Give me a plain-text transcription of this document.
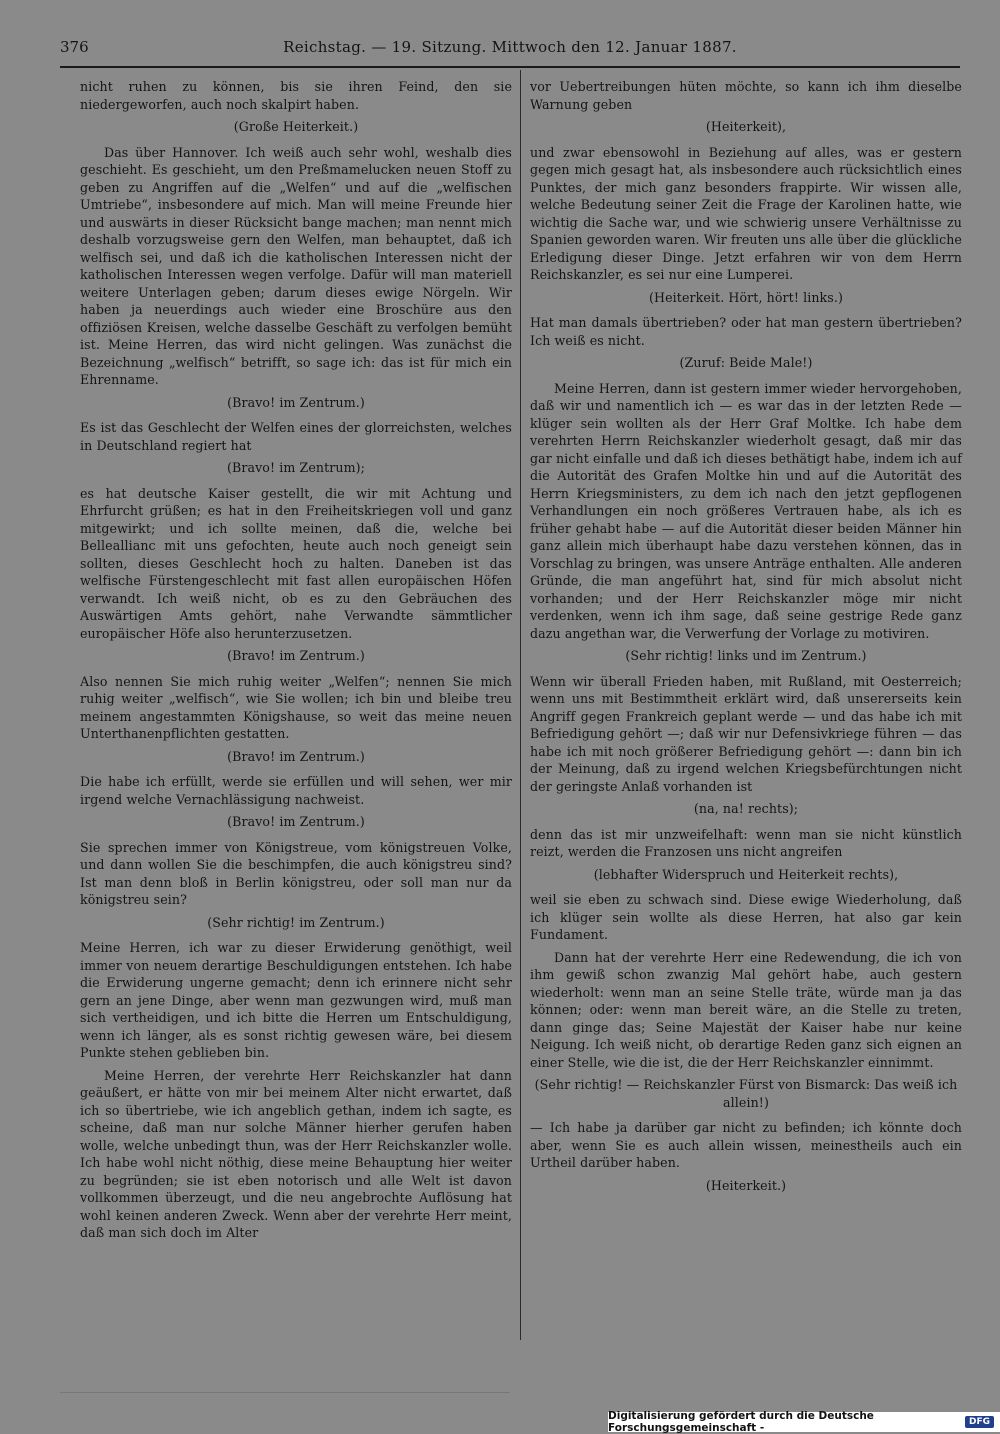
376	Reichstag. — 19. Sitzung. Mittwoch den 12. Januar 1887.

nicht ruhen zu können, bis sie ihren Feind, den sie niedergeworfen, auch noch skalpirt haben.

(Große Heiterkeit.)

Das über Hannover. Ich weiß auch sehr wohl, weshalb dies geschieht. Es geschieht, um den Preßmamelucken neuen Stoff zu geben zu Angriffen auf die „Welfen“ und auf die „welfischen Umtriebe“, insbesondere auf mich. Man will meine Freunde hier und auswärts in dieser Rücksicht bange machen; man nennt mich deshalb vorzugsweise gern den Welfen, man behauptet, daß ich welfisch sei, und daß ich die katholischen Interessen nicht der katholischen Interessen wegen verfolge. Dafür will man materiell weitere Unterlagen geben; darum dieses ewige Nörgeln. Wir haben ja neuerdings auch wieder eine Broschüre aus den offiziösen Kreisen, welche dasselbe Geschäft zu verfolgen bemüht ist. Meine Herren, das wird nicht gelingen. Was zunächst die Bezeichnung „welfisch“ betrifft, so sage ich: das ist für mich ein Ehrenname.

(Bravo! im Zentrum.)

Es ist das Geschlecht der Welfen eines der glorreichsten, welches in Deutschland regiert hat

(Bravo! im Zentrum);

es hat deutsche Kaiser gestellt, die wir mit Achtung und Ehrfurcht grüßen; es hat in den Freiheitskriegen voll und ganz mitgewirkt; und ich sollte meinen, daß die, welche bei Belleallianc mit uns gefochten, heute auch noch geneigt sein sollten, dieses Geschlecht hoch zu halten. Daneben ist das welfische Fürstengeschlecht mit fast allen europäischen Höfen verwandt. Ich weiß nicht, ob es zu den Gebräuchen des Auswärtigen Amts gehört, nahe Verwandte sämmtlicher europäischer Höfe also herunterzusetzen.

(Bravo! im Zentrum.)

Also nennen Sie mich ruhig weiter „Welfen“; nennen Sie mich ruhig weiter „welfisch“, wie Sie wollen; ich bin und bleibe treu meinem angestammten Königshause, so weit das meine neuen Unterthanenpflichten gestatten.

(Bravo! im Zentrum.)

Die habe ich erfüllt, werde sie erfüllen und will sehen, wer mir irgend welche Vernachlässigung nachweist.

(Bravo! im Zentrum.)

Sie sprechen immer von Königstreue, vom königstreuen Volke, und dann wollen Sie die beschimpfen, die auch königstreu sind? Ist man denn bloß in Berlin königstreu, oder soll man nur da königstreu sein?

(Sehr richtig! im Zentrum.)

Meine Herren, ich war zu dieser Erwiderung genöthigt, weil immer von neuem derartige Beschuldigungen entstehen. Ich habe die Erwiderung ungerne gemacht; denn ich erinnere nicht sehr gern an jene Dinge, aber wenn man gezwungen wird, muß man sich vertheidigen, und ich bitte die Herren um Entschuldigung, wenn ich länger, als es sonst richtig gewesen wäre, bei diesem Punkte stehen geblieben bin.

Meine Herren, der verehrte Herr Reichskanzler hat dann geäußert, er hätte von mir bei meinem Alter nicht erwartet, daß ich so übertriebe, wie ich angeblich gethan, indem ich sagte, es scheine, daß man nur solche Männer hierher gerufen haben wolle, welche unbedingt thun, was der Herr Reichskanzler wolle. Ich habe wohl nicht nöthig, diese meine Behauptung hier weiter zu begründen; sie ist eben notorisch und alle Welt ist davon vollkommen überzeugt, und die neu angebrochte Auflösung hat wohl keinen anderen Zweck. Wenn aber der verehrte Herr meint, daß man sich doch im Alter

vor Uebertreibungen hüten möchte, so kann ich ihm dieselbe Warnung geben

(Heiterkeit),

und zwar ebensowohl in Beziehung auf alles, was er gestern gegen mich gesagt hat, als insbesondere auch rücksichtlich eines Punktes, der mich ganz besonders frappirte. Wir wissen alle, welche Bedeutung seiner Zeit die Frage der Karolinen hatte, wie wichtig die Sache war, und wie schwierig unsere Verhältnisse zu Spanien geworden waren. Wir freuten uns alle über die glückliche Erledigung dieser Dinge. Jetzt erfahren wir von dem Herrn Reichskanzler, es sei nur eine Lumperei.

(Heiterkeit. Hört, hört! links.)

Hat man damals übertrieben? oder hat man gestern übertrieben? Ich weiß es nicht.

(Zuruf: Beide Male!)

Meine Herren, dann ist gestern immer wieder hervorgehoben, daß wir und namentlich ich — es war das in der letzten Rede — klüger sein wollten als der Herr Graf Moltke. Ich habe dem verehrten Herrn Reichskanzler wiederholt gesagt, daß mir das gar nicht einfalle und daß ich dieses bethätigt habe, indem ich auf die Autorität des Grafen Moltke hin und auf die Autorität des Herrn Kriegsministers, zu dem ich nach den jetzt gepflogenen Verhandlungen ein noch größeres Vertrauen habe, als ich es früher gehabt habe — auf die Autorität dieser beiden Männer hin ganz allein mich überhaupt habe dazu verstehen können, das in Vorschlag zu bringen, was unsere Anträge enthalten. Alle anderen Gründe, die man angeführt hat, sind für mich absolut nicht vorhanden; und der Herr Reichskanzler möge mir nicht verdenken, wenn ich ihm sage, daß seine gestrige Rede ganz dazu angethan war, die Verwerfung der Vorlage zu motiviren.

(Sehr richtig! links und im Zentrum.)

Wenn wir überall Frieden haben, mit Rußland, mit Oesterreich; wenn uns mit Bestimmtheit erklärt wird, daß unsererseits kein Angriff gegen Frankreich geplant werde — und das habe ich mit Befriedigung gehört —; daß wir nur Defensivkriege führen — das habe ich mit noch größerer Befriedigung gehört —: dann bin ich der Meinung, daß zu irgend welchen Kriegsbefürchtungen nicht der geringste Anlaß vorhanden ist

(na, na! rechts);

denn das ist mir unzweifelhaft: wenn man sie nicht künstlich reizt, werden die Franzosen uns nicht angreifen

(lebhafter Widerspruch und Heiterkeit rechts),

weil sie eben zu schwach sind. Diese ewige Wiederholung, daß ich klüger sein wollte als diese Herren, hat also gar kein Fundament.

Dann hat der verehrte Herr eine Redewendung, die ich von ihm gewiß schon zwanzig Mal gehört habe, auch gestern wiederholt: wenn man an seine Stelle träte, würde man ja das können; oder: wenn man bereit wäre, an die Stelle zu treten, dann ginge das; Seine Majestät der Kaiser habe nur keine Neigung. Ich weiß nicht, ob derartige Reden ganz sich eignen an einer Stelle, wie die ist, die der Herr Reichskanzler einnimmt.

(Sehr richtig! — Reichskanzler Fürst von Bismarck: Das weiß ich allein!)

— Ich habe ja darüber gar nicht zu befinden; ich könnte doch aber, wenn Sie es auch allein wissen, meinestheils auch ein Urtheil darüber haben.

(Heiterkeit.)

Digitalisierung gefördert durch die Deutsche Forschungsgemeinschaft -	DFG
